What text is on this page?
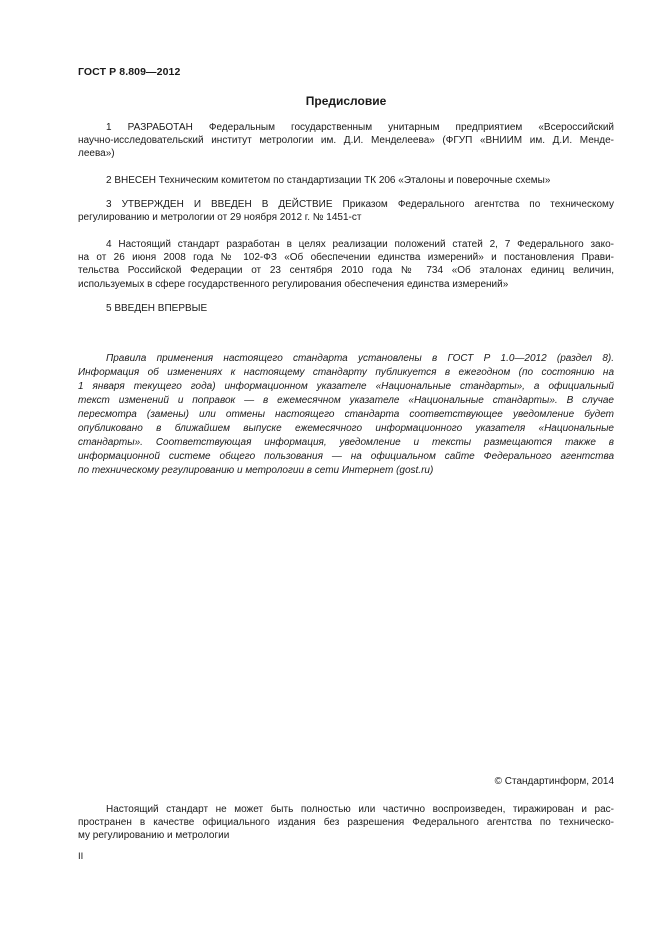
ГОСТ Р 8.809—2012
Предисловие
1 РАЗРАБОТАН Федеральным государственным унитарным предприятием «Всероссийский
научно-исследовательский институт метрологии им. Д.И. Менделеева» (ФГУП «ВНИИМ им. Д.И. Менде-
леева»)
2 ВНЕСЕН Техническим комитетом по стандартизации ТК 206 «Эталоны и поверочные схемы»
3 УТВЕРЖДЕН И ВВЕДЕН В ДЕЙСТВИЕ Приказом Федерального агентства по техническому
регулированию и метрологии от 29 ноября 2012 г. № 1451-ст
4 Настоящий стандарт разработан в целях реализации положений статей 2, 7 Федерального зако-
на от 26 июня 2008 года № 102-ФЗ «Об обеспечении единства измерений» и постановления Прави-
тельства Российской Федерации от 23 сентября 2010 года № 734 «Об эталонах единиц величин,
используемых в сфере государственного регулирования обеспечения единства измерений»
5 ВВЕДЕН ВПЕРВЫЕ
Правила применения настоящего стандарта установлены в ГОСТ Р 1.0—2012 (раздел 8).
Информация об изменениях к настоящему стандарту публикуется в ежегодном (по состоянию на
1 января текущего года) информационном указателе «Национальные стандарты», а официальный
текст изменений и поправок — в ежемесячном указателе «Национальные стандарты». В случае
пересмотра (замены) или отмены настоящего стандарта соответствующее уведомление будет
опубликовано в ближайшем выпуске ежемесячного информационного указателя «Национальные
стандарты». Соответствующая информация, уведомление и тексты размещаются также в
информационной системе общего пользования — на официальном сайте Федерального агентства
по техническому регулированию и метрологии в сети Интернет (gost.ru)
© Стандартинформ, 2014
Настоящий стандарт не может быть полностью или частично воспроизведен, тиражирован и рас-
пространен в качестве официального издания без разрешения Федерального агентства по техническо-
му регулированию и метрологии
II
